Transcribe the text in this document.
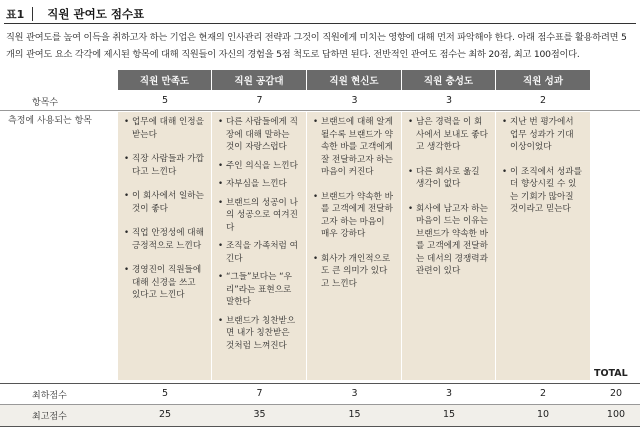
표1	직원 관여도 점수표

직원 관여도를 높여 이득을 취하고자 하는 기업은 현재의 인사관리 전략과 그것이 직원에게 미치는 영향에 대해 먼저 파악해야 한다. 아래 점수표를 활용하려면 5개의 관여도 요소 각각에 제시된 항목에 대해 직원들이 자신의 경험을 5점 척도로 답하면 된다. 전반적인 관여도 점수는 최하 20점, 최고 100점이다.

직원 만족도	직원 공감대	직원 현신도	직원 충성도	직원 성과
항목수	5	7	3	3	2
측정에 사용되는 항목
•	업무에 대해 인정을 받는다
• 직장 사람들과 가깝다고 느낀다
• 이 회사에서 일하는 것이 좋다
• 직업 안정성에 대해 긍정적으로 느낀다
• 경영진이 직원들에 대해 신경을 쓰고 있다고 느낀다
• 다른 사람들에게 직장에 대해 말하는 것이 자랑스럽다
• 주인 의식을 느낀다
• 자부심을 느낀다
• 브랜드의 성공이 나의 성공으로 여겨진다
• 조직을 가족처럼 여긴다
• “그들”보다는 “우리”라는 표현으로 말한다
• 브랜드가 칭찬받으면 내가 칭찬받은 것처럼 느껴진다
• 브랜드에 대해 알게 될수록 브랜드가 약속한 바를 고객에게 잘 전달하고자 하는 마음이 커진다
• 브랜드가 약속한 바를 고객에게 전달하고자 하는 마음이 매우 강하다
• 회사가 개인적으로도 큰 의미가 있다고 느낀다
• 남은 경력을 이 회사에서 보내도 좋다고 생각한다
• 다른 회사로 옮길 생각이 없다
• 회사에 남고자 하는 마음이 드는 이유는 브랜드가 약속한 바를 고객에게 전달하는 데서의 경쟁력과 관련이 있다
• 지난 번 평가에서 업무 성과가 기대 이상이었다
• 이 조직에서 성과를 더 향상시킬 수 있는 기회가 많아질 것이라고 믿는다
TOTAL
최하점수	5	7	3	3	2	20
최고점수	25	35	15	15	10	100
